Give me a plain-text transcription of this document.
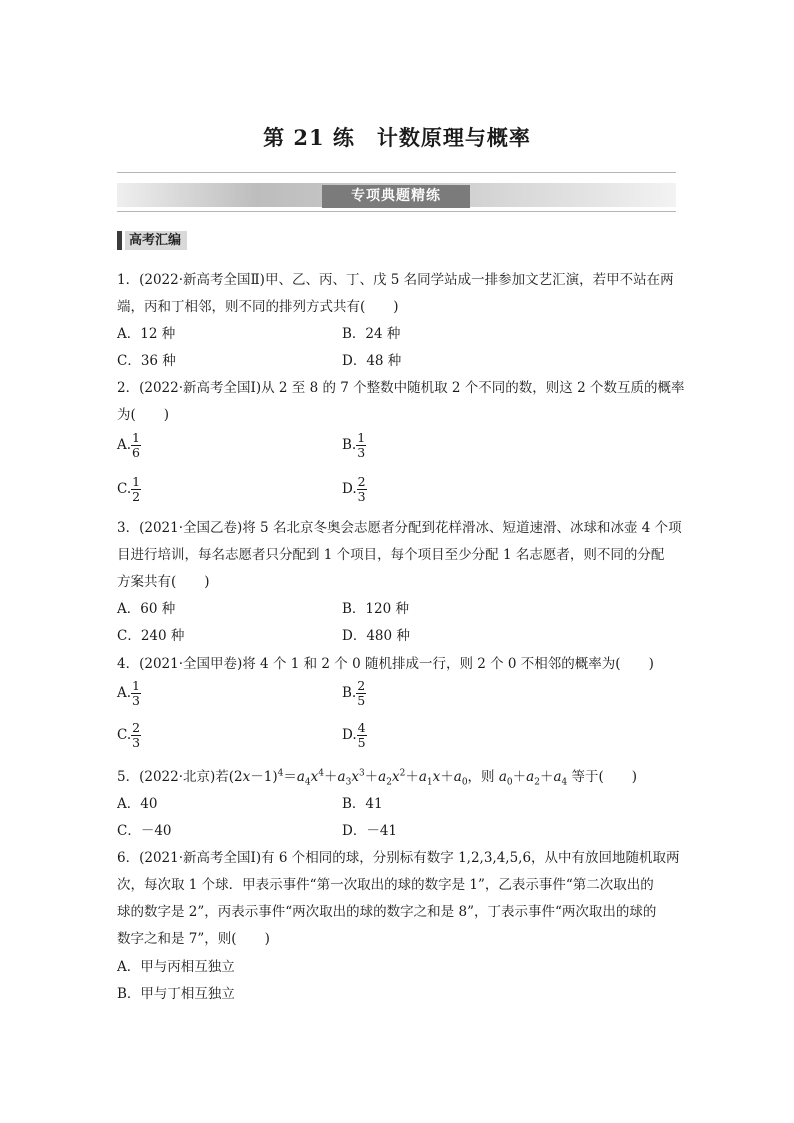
第 21 练　计数原理与概率
专项典题精练
高考汇编
1．(2022·新高考全国Ⅱ)甲、乙、丙、丁、戊 5 名同学站成一排参加文艺汇演，若甲不站在两
端，丙和丁相邻，则不同的排列方式共有( )
A．12 种	B．24 种
C．36 种	D．48 种
2．(2022·新高考全国Ⅰ)从 2 至 8 的 7 个整数中随机取 2 个不同的数，则这 2 个数互质的概率
为( )
A. $\frac{1}{6}$	B. $\frac{1}{3}$
C. $\frac{1}{2}$	D. $\frac{2}{3}$
3．(2021·全国乙卷)将 5 名北京冬奥会志愿者分配到花样滑冰、短道速滑、冰球和冰壶 4 个项
目进行培训，每名志愿者只分配到 1 个项目，每个项目至少分配 1 名志愿者，则不同的分配
方案共有( )
A．60 种	B．120 种
C．240 种	D．480 种
4．(2021·全国甲卷)将 4 个 1 和 2 个 0 随机排成一行，则 2 个 0 不相邻的概率为( )
A. $\frac{1}{3}$	B. $\frac{2}{5}$
C. $\frac{2}{3}$	D. $\frac{4}{5}$
5．(2022·北京)若$(2x-1)^4=a_4x^4+a_3x^3+a_2x^2+a_1x+a_0$，则 $a_0+a_2+a_4$ 等于( )
A．40	B．41
C．－40	D．－41
6．(2021·新高考全国Ⅰ)有 6 个相同的球，分别标有数字 1,2,3,4,5,6，从中有放回地随机取两
次，每次取 1 个球．甲表示事件“第一次取出的球的数字是 1”，乙表示事件“第二次取出的
球的数字是 2”，丙表示事件“两次取出的球的数字之和是 8”，丁表示事件“两次取出的球的
数字之和是 7”，则( )
A．甲与丙相互独立
B．甲与丁相互独立
